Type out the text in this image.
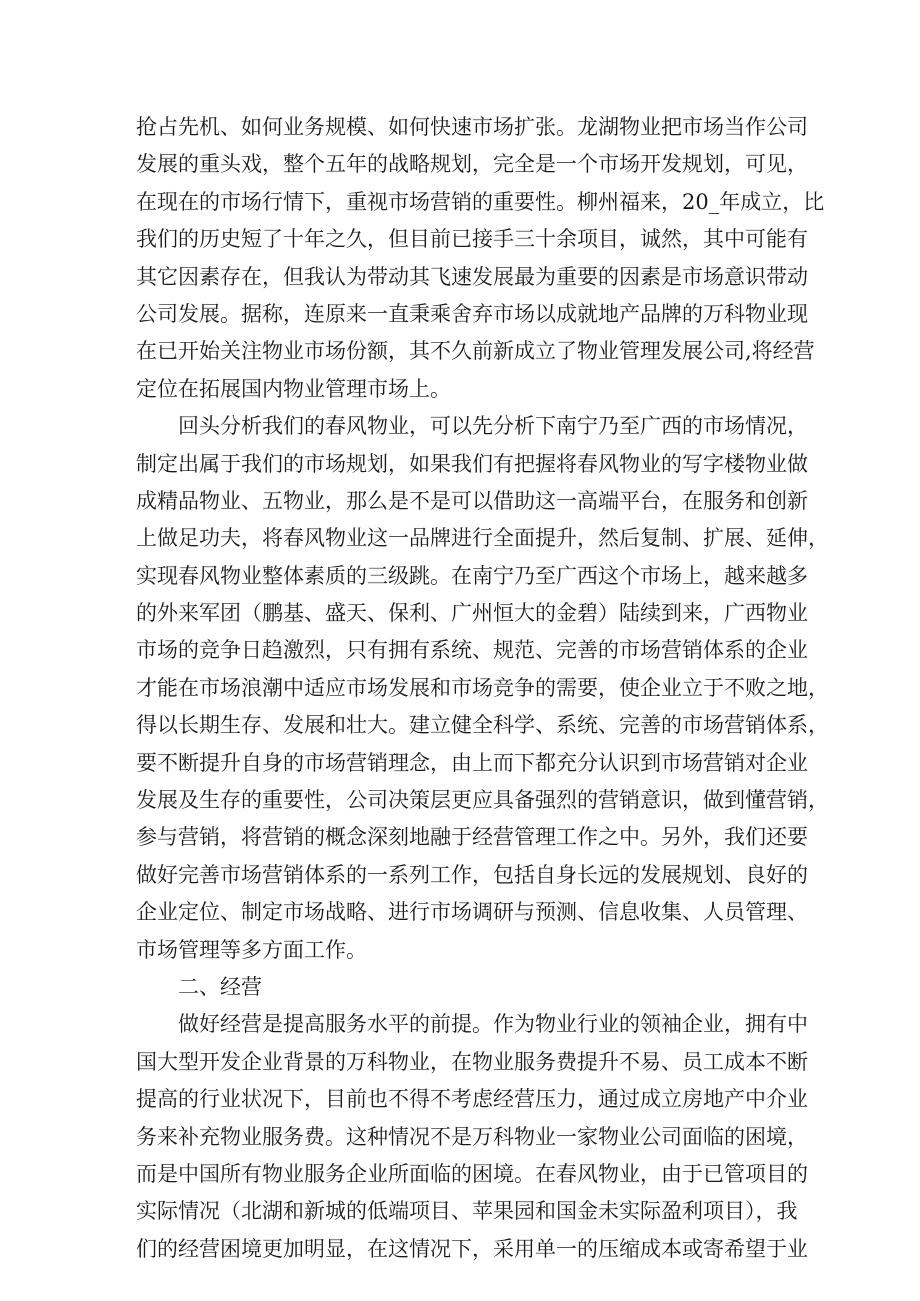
抢占先机、如何业务规模、如何快速市场扩张。龙湖物业把市场当作公司
发展的重头戏，整个五年的战略规划，完全是一个市场开发规划，可见，
在现在的市场行情下，重视市场营销的重要性。柳州福来，20_年成立，比
我们的历史短了十年之久，但目前已接手三十余项目，诚然，其中可能有
其它因素存在，但我认为带动其飞速发展最为重要的因素是市场意识带动
公司发展。据称，连原来一直秉乘舍弃市场以成就地产品牌的万科物业现
在已开始关注物业市场份额，其不久前新成立了物业管理发展公司,将经营
定位在拓展国内物业管理市场上。
回头分析我们的春风物业，可以先分析下南宁乃至广西的市场情况，
制定出属于我们的市场规划，如果我们有把握将春风物业的写字楼物业做
成精品物业、五物业，那么是不是可以借助这一高端平台，在服务和创新
上做足功夫，将春风物业这一品牌进行全面提升，然后复制、扩展、延伸，
实现春风物业整体素质的三级跳。在南宁乃至广西这个市场上，越来越多
的外来军团（鹏基、盛天、保利、广州恒大的金碧）陆续到来，广西物业
市场的竞争日趋激烈，只有拥有系统、规范、完善的市场营销体系的企业
才能在市场浪潮中适应市场发展和市场竞争的需要，使企业立于不败之地，
得以长期生存、发展和壮大。建立健全科学、系统、完善的市场营销体系，
要不断提升自身的市场营销理念，由上而下都充分认识到市场营销对企业
发展及生存的重要性，公司决策层更应具备强烈的营销意识，做到懂营销，
参与营销，将营销的概念深刻地融于经营管理工作之中。另外，我们还要
做好完善市场营销体系的一系列工作，包括自身长远的发展规划、良好的
企业定位、制定市场战略、进行市场调研与预测、信息收集、人员管理、
市场管理等多方面工作。
二、经营
做好经营是提高服务水平的前提。作为物业行业的领袖企业，拥有中
国大型开发企业背景的万科物业，在物业服务费提升不易、员工成本不断
提高的行业状况下，目前也不得不考虑经营压力，通过成立房地产中介业
务来补充物业服务费。这种情况不是万科物业一家物业公司面临的困境，
而是中国所有物业服务企业所面临的困境。在春风物业，由于已管项目的
实际情况（北湖和新城的低端项目、苹果园和国金未实际盈利项目），我
们的经营困境更加明显，在这情况下，采用单一的压缩成本或寄希望于业
